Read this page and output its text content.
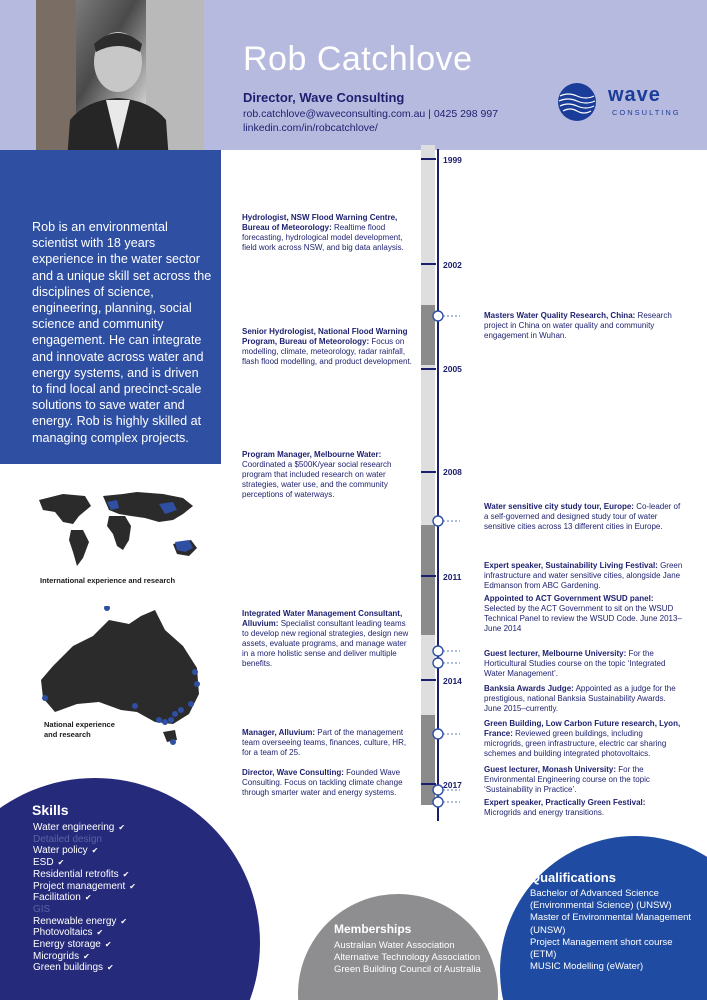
Rob Catchlove
Director, Wave Consulting
rob.catchlove@waveconsulting.com.au | 0425 298 997
linkedin.com/in/robcatchlove/
wave
CONSULTING
Rob is an environmental scientist with 18 years experience in the water sector and a unique skill set across the disciplines of science, engineering, planning, social science and community engagement. He can integrate and innovate across water and energy systems, and is driven to find local and precinct-scale solutions to save water and energy. Rob is highly skilled at managing complex projects.
International experience and research
National experience
and research
1999
2002
2005
2008
2011
2014
2017
Hydrologist, NSW Flood Warning Centre, Bureau of Meteorology: Realtime flood forecasting, hydrological model development, field work across NSW, and big data anlaysis.
Senior Hydrologist, National Flood Warning Program, Bureau of Meteorology: Focus on modelling, climate, meteorology, radar rainfall, flash flood modelling, and product development.
Program Manager, Melbourne Water: Coordinated a $500K/year social research program that included research on water strategies, water use, and the community perceptions of waterways.
Integrated Water Management Consultant, Alluvium: Specialist consultant leading teams to develop new regional strategies, design new assets, evaluate programs, and manage water in a more holistic sense and deliver multiple benefits.
Manager, Alluvium: Part of the management team overseeing teams, finances, culture, HR, for a team of 25.
Director, Wave Consulting: Founded Wave Consulting. Focus on tackling climate change through smarter water and energy systems.
Masters Water Quality Research, China: Research project in China on water quality and community engagement in Wuhan.
Water sensitive city study tour, Europe: Co-leader of a self-governed and designed study tour of water sensitive cities across 13 different cities in Europe.
Expert speaker, Sustainability Living Festival: Green infrastructure and water sensitive cities, alongside Jane Edmanson from ABC Gardening.
Appointed to ACT Government WSUD panel: Selected by the ACT Government to sit on the WSUD Technical Panel to review the WSUD Code. June 2013–June 2014
Guest lecturer, Melbourne University: For the Horticultural Studies course on the topic ‘Integrated Water Management’.
Banksia Awards Judge: Appointed as a judge for the prestigious, national Banksia Sustainability Awards. June 2015–currently.
Green Building, Low Carbon Future research, Lyon, France: Reviewed green buildings, including microgrids, green infrastructure, electric car sharing schemes and building integrated photovoltaics.
Guest lecturer, Monash University: For the Environmental Engineering course on the topic ‘Sustainability in Practice’.
Expert speaker, Practically Green Festival: Microgrids and energy transitions.
Skills
Water engineering ✔
Detailed design
Water policy ✔
ESD ✔
Residential retrofits ✔
Project management ✔
Facilitation ✔
GIS
Renewable energy ✔
Photovoltaics ✔
Energy storage ✔
Microgrids ✔
Green buildings ✔
Memberships
Australian Water Association
Alternative Technology Association
Green Building Council of Australia
Qualifications
Bachelor of Advanced Science (Environmental Science) (UNSW)
Master of Environmental Management (UNSW)
Project Management short course (ETM)
MUSIC Modelling (eWater)
